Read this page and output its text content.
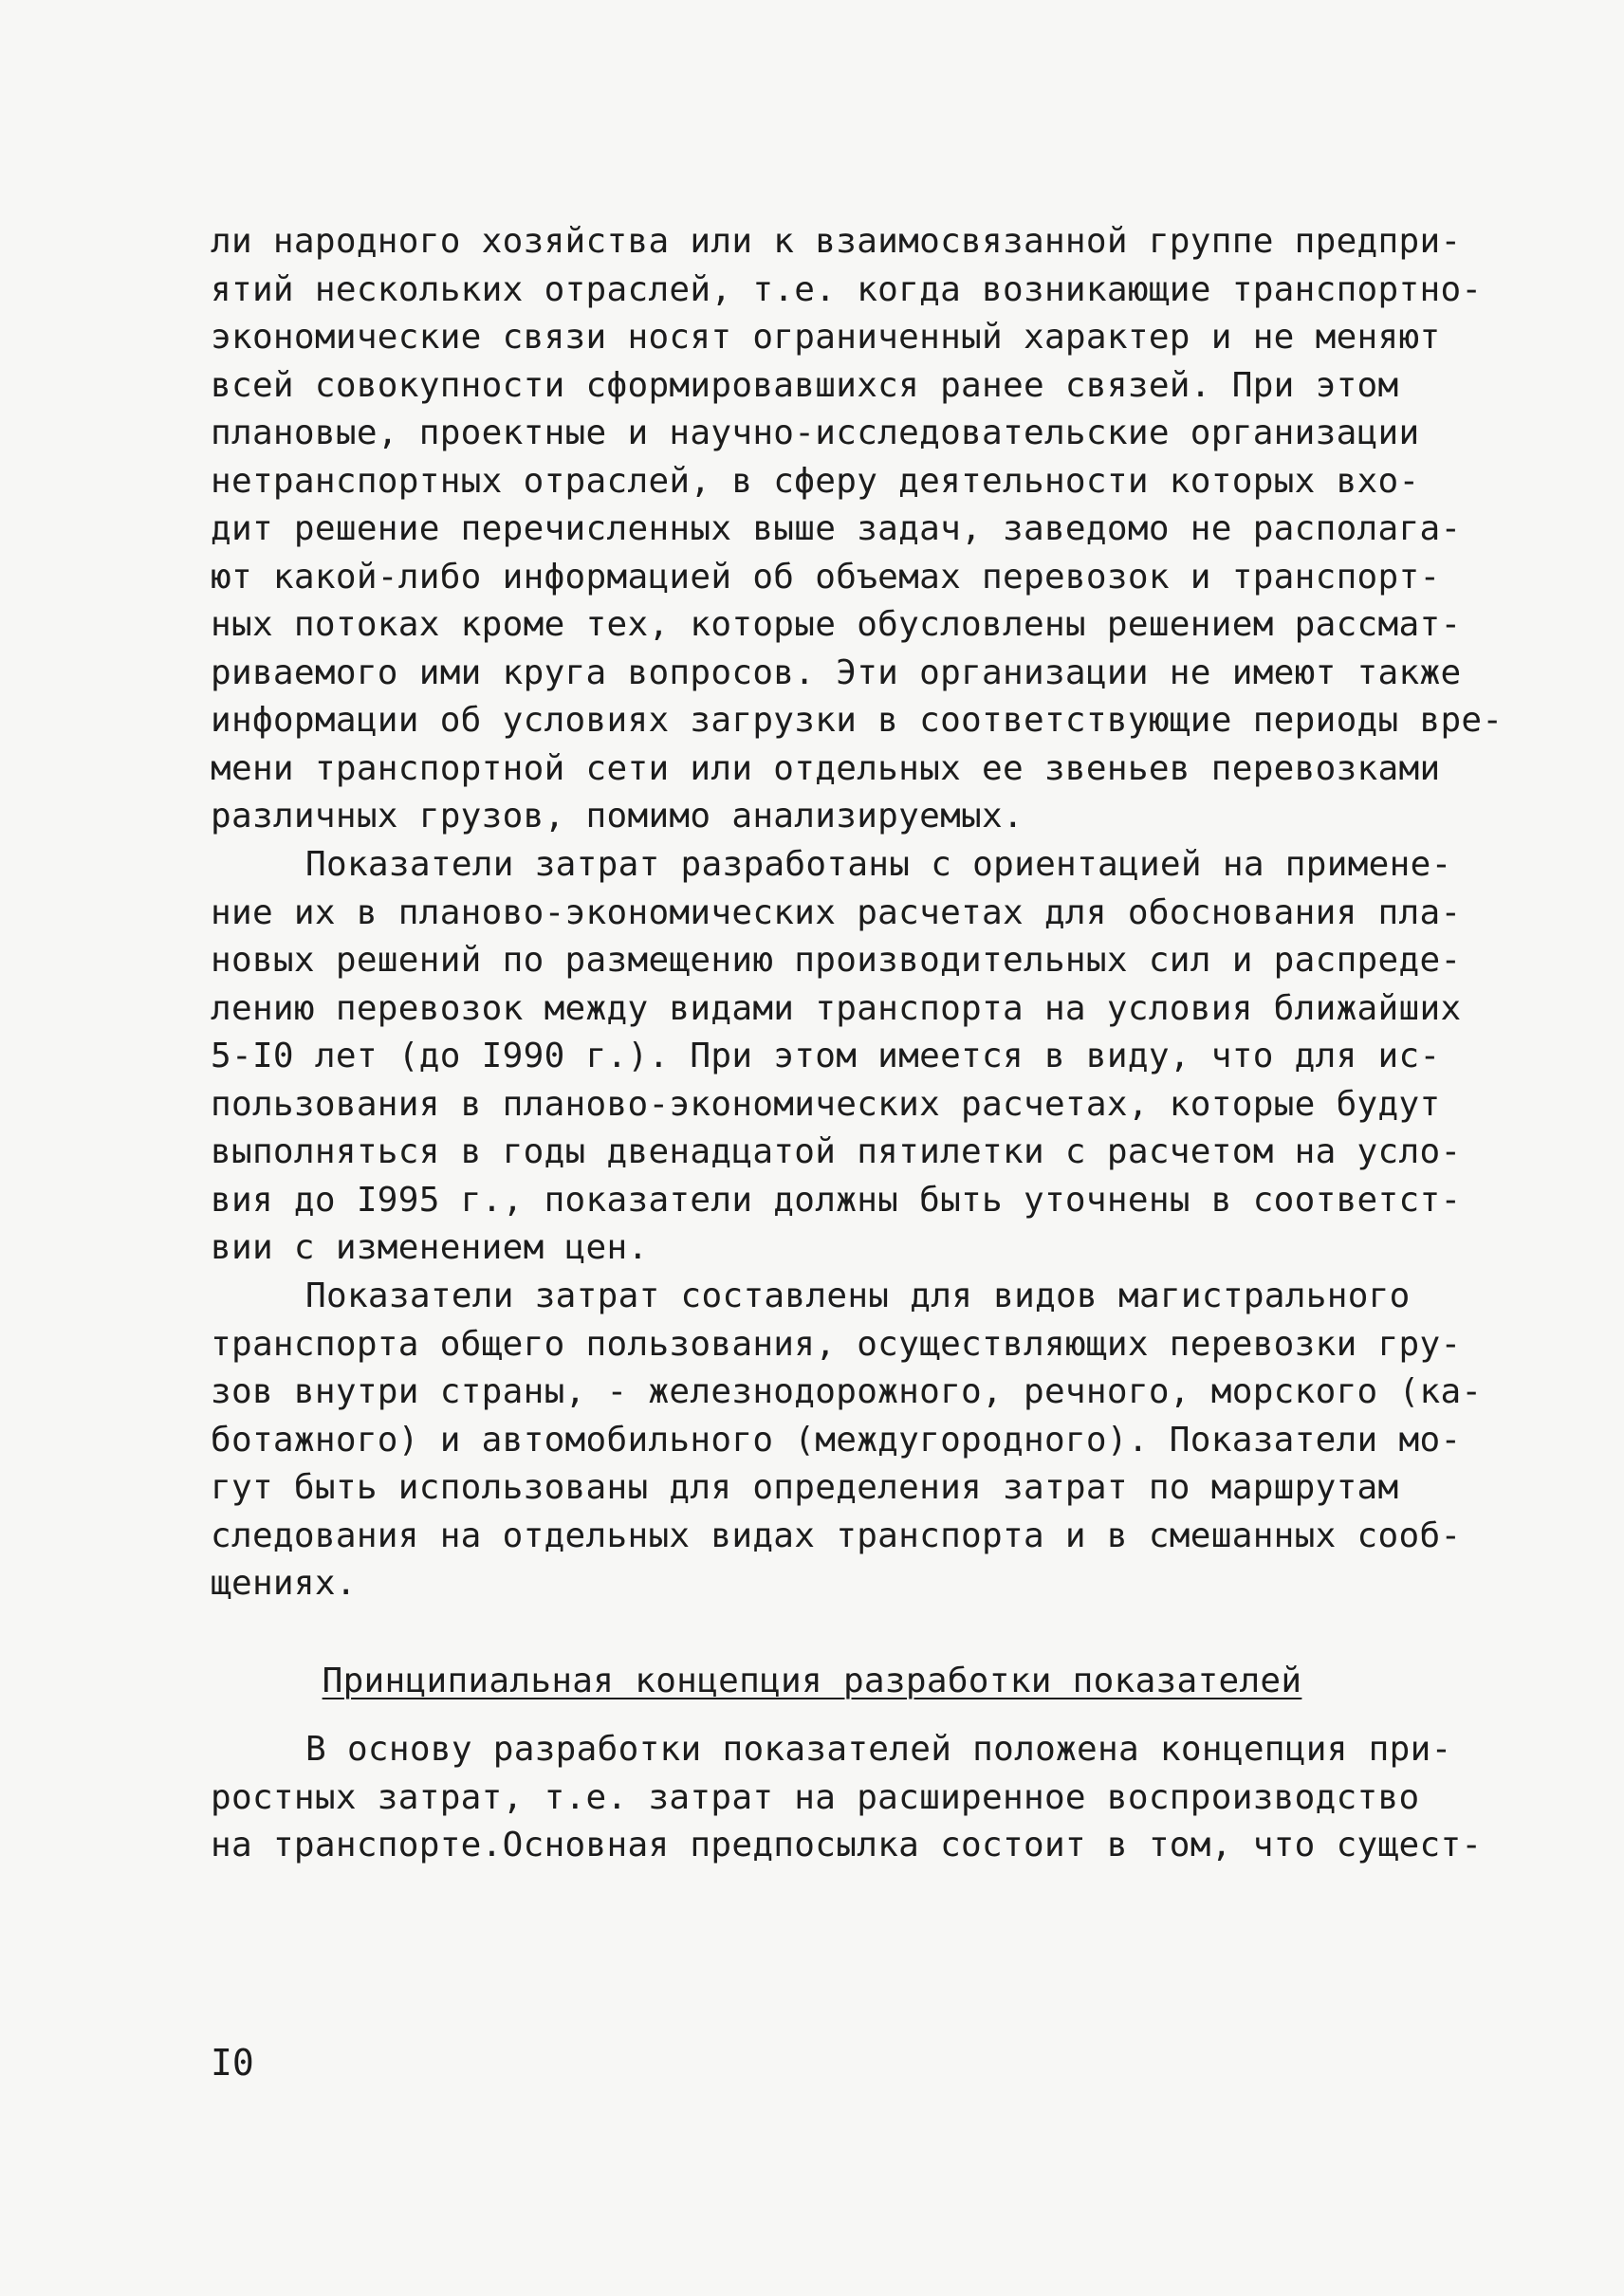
ли народного хозяйства или к взаимосвязанной группе предпри-
ятий нескольких отраслей, т.е. когда возникающие транспортно-
экономические связи носят ограниченный характер и не меняют
всей совокупности сформировавшихся ранее связей. При этом
плановые, проектные и научно-исследовательские организации
нетранспортных отраслей, в сферу деятельности которых вхо-
дит решение перечисленных выше задач, заведомо не располага-
ют какой-либо информацией об объемах перевозок и транспорт-
ных потоках кроме тех, которые обусловлены решением рассмат-
риваемого ими круга вопросов. Эти организации не имеют также
информации об условиях загрузки в соответствующие периоды вре-
мени транспортной сети или отдельных ее звеньев перевозками
различных грузов, помимо анализируемых.
Показатели затрат разработаны с ориентацией на примене-
ние их в планово-экономических расчетах для обоснования пла-
новых решений по размещению производительных сил и распреде-
лению перевозок между видами транспорта на условия ближайших
5-I0 лет (до I990 г.). При этом имеется в виду, что для ис-
пользования в планово-экономических расчетах, которые будут
выполняться в годы двенадцатой пятилетки с расчетом на усло-
вия до I995 г., показатели должны быть уточнены в соответст-
вии с изменением цен.
Показатели затрат составлены для видов магистрального
транспорта общего пользования, осуществляющих перевозки гру-
зов внутри страны, - железнодорожного, речного, морского (ка-
ботажного) и автомобильного (междугородного). Показатели мо-
гут быть использованы для определения затрат по маршрутам
следования на отдельных видах транспорта и в смешанных сооб-
щениях.
Принципиальная концепция разработки показателей
В основу разработки показателей положена концепция при-
ростных затрат, т.е. затрат на расширенное воспроизводство
на транспорте.Основная предпосылка состоит в том, что сущест-
I0
